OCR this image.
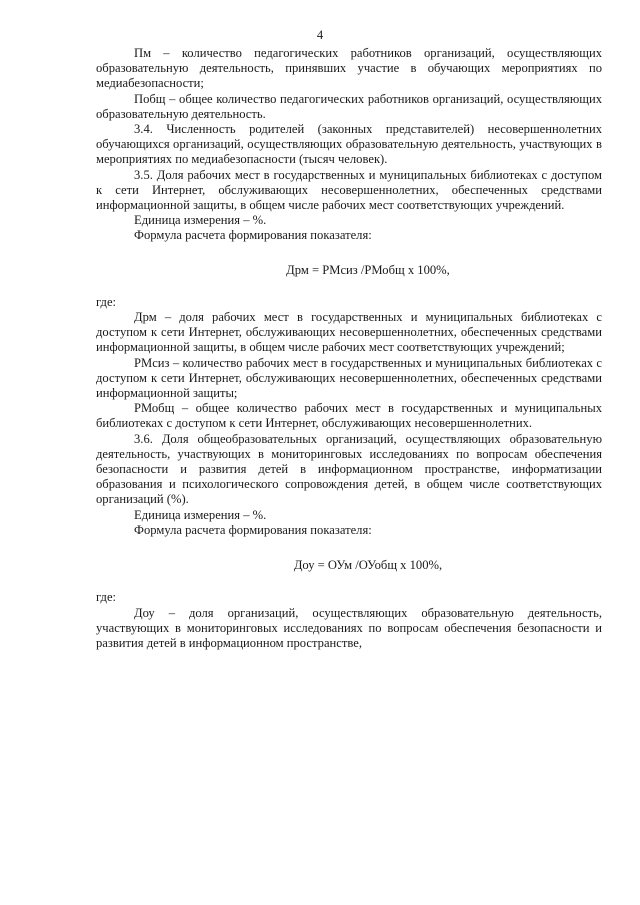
4

Пм – количество педагогических работников организаций, осуществляющих образовательную деятельность, принявших участие в обучающих мероприятиях по медиабезопасности;

Побщ – общее количество педагогических работников организаций, осуществляющих образовательную деятельность.

3.4. Численность родителей (законных представителей) несовершеннолетних обучающихся организаций, осуществляющих образовательную деятельность, участвующих в мероприятиях по медиабезопасности (тысяч человек).

3.5. Доля рабочих мест в государственных и муниципальных библиотеках с доступом к сети Интернет, обслуживающих несовершеннолетних, обеспеченных средствами информационной защиты, в общем числе рабочих мест соответствующих учреждений.

Единица измерения – %.

Формула расчета формирования показателя:

Дрм = РМсиз /РМобщ х 100%,

где:

Дрм – доля рабочих мест в государственных и муниципальных библиотеках с доступом к сети Интернет, обслуживающих несовершеннолетних, обеспеченных средствами информационной защиты, в общем числе рабочих мест соответствующих учреждений;

РМсиз – количество рабочих мест в государственных и муниципальных библиотеках с доступом к сети Интернет, обслуживающих несовершеннолетних, обеспеченных средствами информационной защиты;

РМобщ – общее количество рабочих мест в государственных и муниципальных библиотеках с доступом к сети Интернет, обслуживающих несовершеннолетних.

3.6. Доля общеобразовательных организаций, осуществляющих образовательную деятельность, участвующих в мониторинговых исследованиях по вопросам обеспечения безопасности и развития детей в информационном пространстве, информатизации образования и психологического сопровождения детей, в общем числе соответствующих организаций (%).

Единица измерения – %.

Формула расчета формирования показателя:

Доу = ОУм /ОУобщ х 100%,

где:

Доу – доля организаций, осуществляющих образовательную деятельность, участвующих в мониторинговых исследованиях по вопросам обеспечения безопасности и развития детей в информационном пространстве,
